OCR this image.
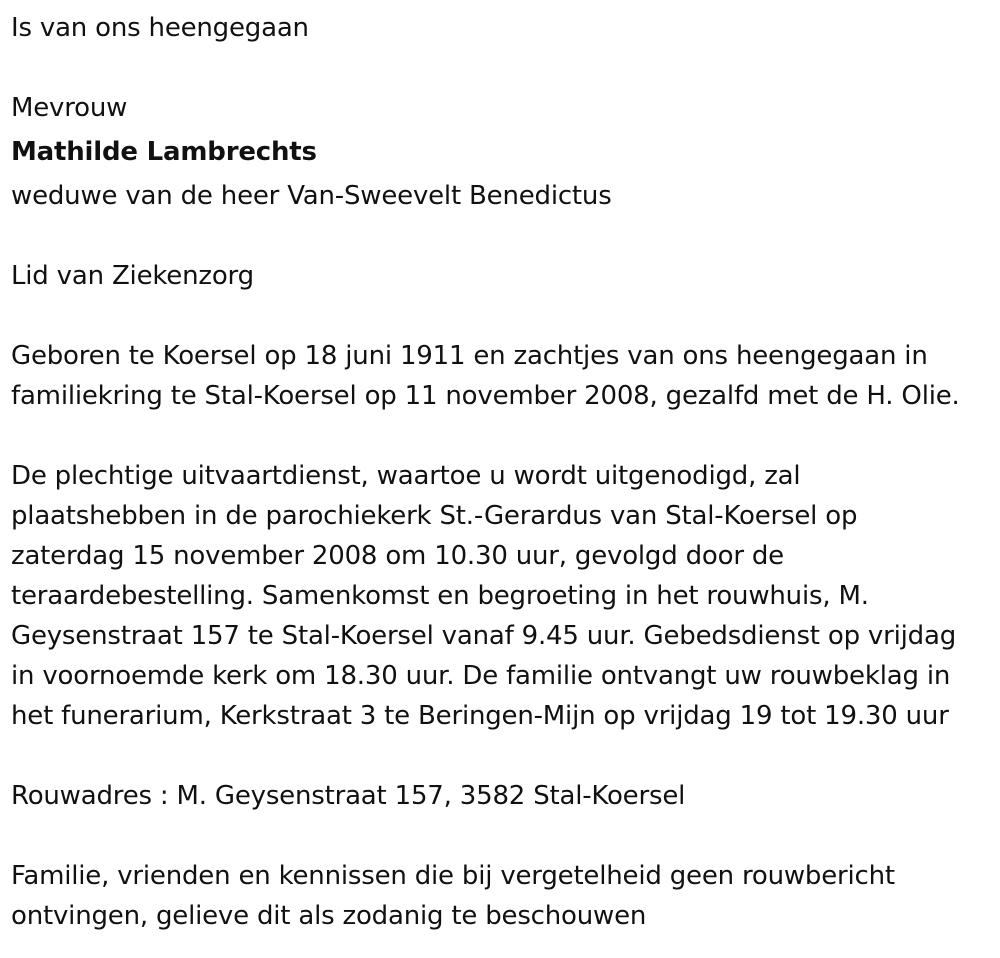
Is van ons heengegaan
Mevrouw
Mathilde Lambrechts
weduwe van de heer Van-Sweevelt Benedictus
Lid van Ziekenzorg
Geboren te Koersel op 18 juni 1911 en zachtjes van ons heengegaan in
familiekring te Stal-Koersel op 11 november 2008, gezalfd met de H. Olie.
De plechtige uitvaartdienst, waartoe u wordt uitgenodigd, zal
plaatshebben in de parochiekerk St.-Gerardus van Stal-Koersel op
zaterdag 15 november 2008 om 10.30 uur, gevolgd door de
teraardebestelling. Samenkomst en begroeting in het rouwhuis, M.
Geysenstraat 157 te Stal-Koersel vanaf 9.45 uur. Gebedsdienst op vrijdag
in voornoemde kerk om 18.30 uur. De familie ontvangt uw rouwbeklag in
het funerarium, Kerkstraat 3 te Beringen-Mijn op vrijdag 19 tot 19.30 uur
Rouwadres : M. Geysenstraat 157, 3582 Stal-Koersel
Familie, vrienden en kennissen die bij vergetelheid geen rouwbericht
ontvingen, gelieve dit als zodanig te beschouwen
